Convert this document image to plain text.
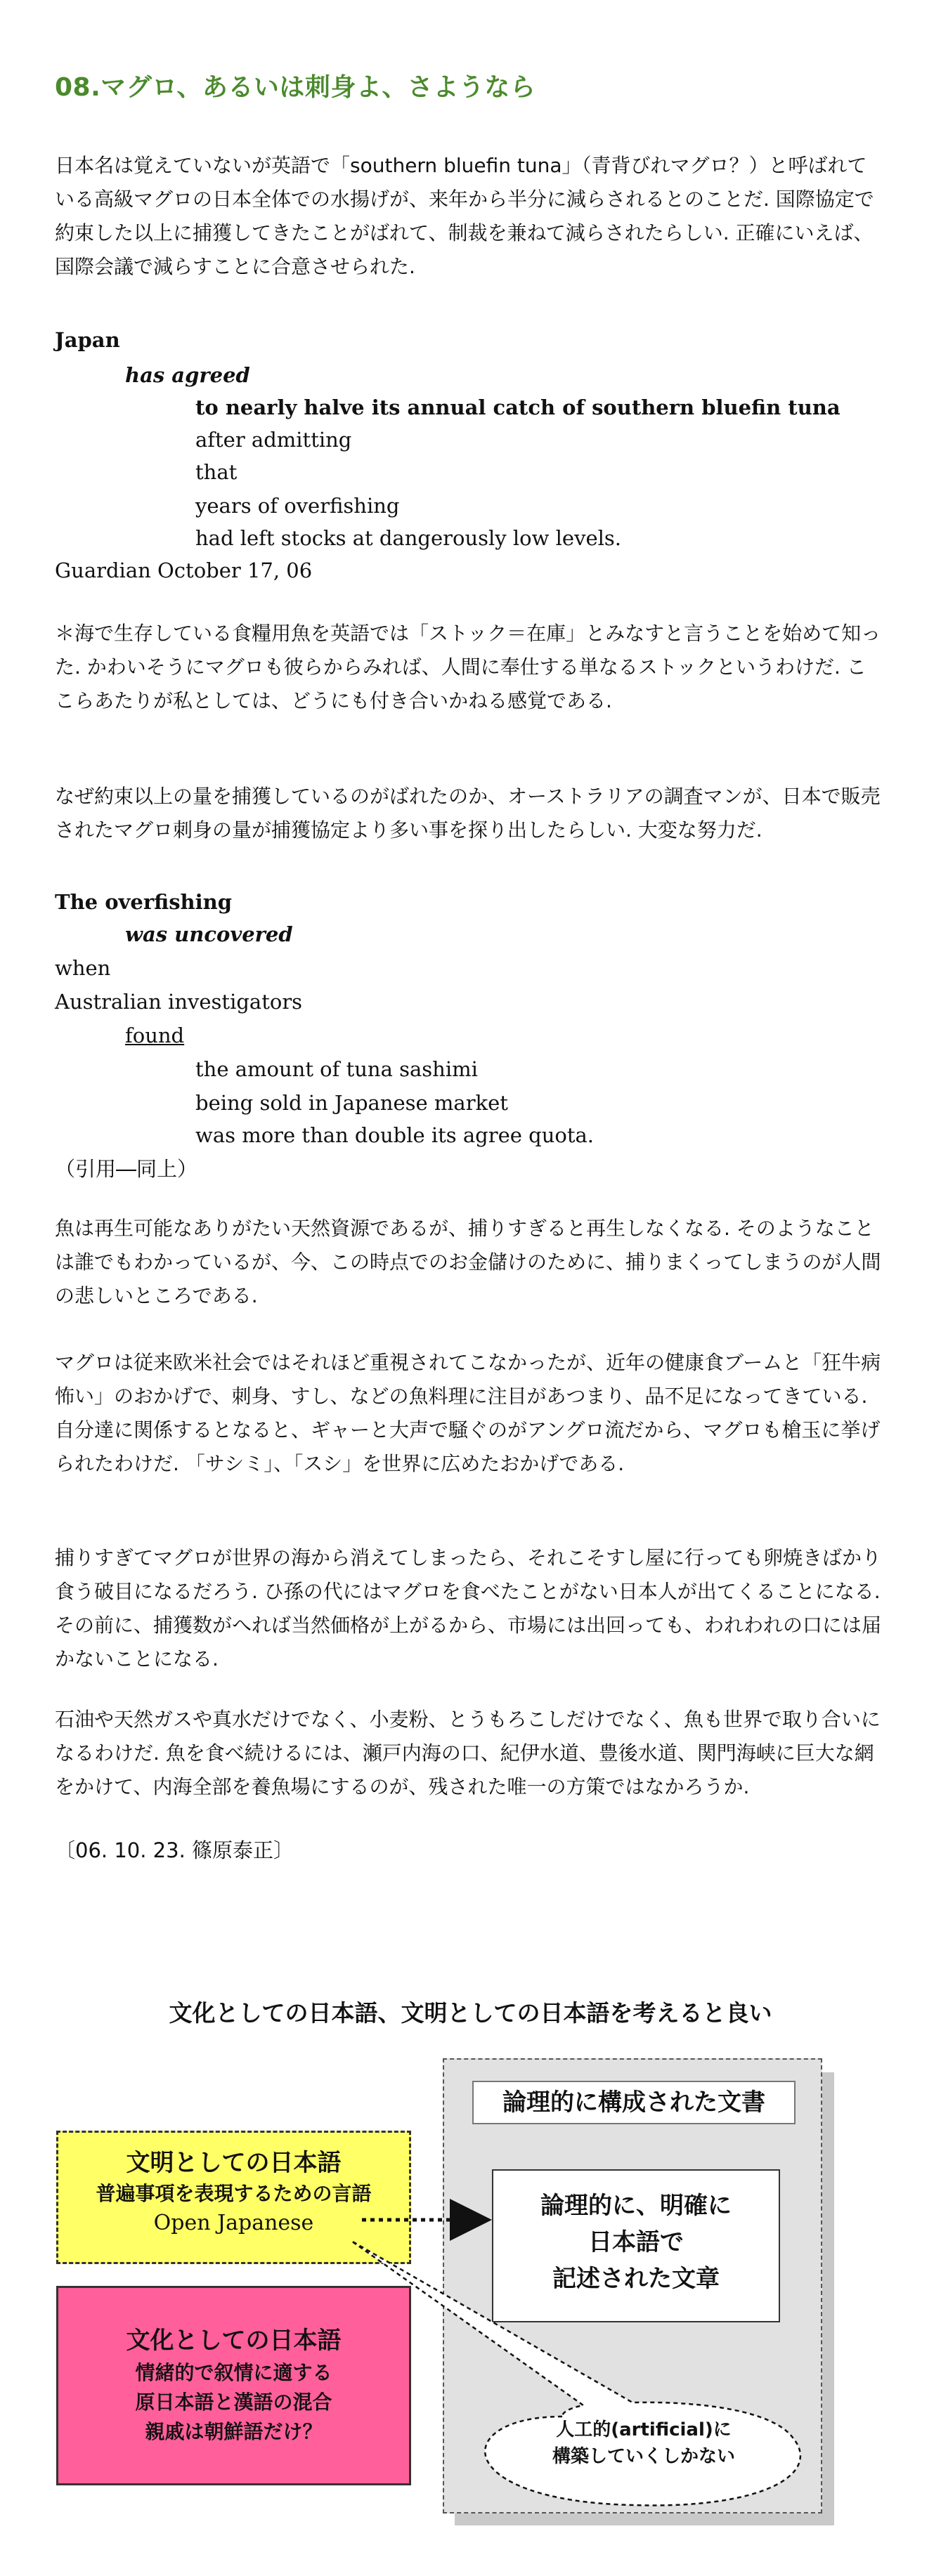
08.マグロ、あるいは刺身よ、さようなら

日本名は覚えていないが英語で「southern bluefin tuna」（青背びれマグロ？）と呼ばれている高級マグロの日本全体での水揚げが、来年から半分に減らされるとのことだ. 国際協定で約束した以上に捕獲してきたことがばれて、制裁を兼ねて減らされたらしい. 正確にいえば、国際会議で減らすことに合意させられた.

Japan
has agreed
to nearly halve its annual catch of southern bluefin tuna
after admitting
that
years of overfishing
had left stocks at dangerously low levels.
Guardian October 17, 06

＊海で生存している食糧用魚を英語では「ストック＝在庫」とみなすと言うことを始めて知った. かわいそうにマグロも彼らからみれば、人間に奉仕する単なるストックというわけだ. ここらあたりが私としては、どうにも付き合いかねる感覚である.

なぜ約束以上の量を捕獲しているのがばれたのか、オーストラリアの調査マンが、日本で販売されたマグロ刺身の量が捕獲協定より多い事を探り出したらしい. 大変な努力だ.

The overfishing
was uncovered
when
Australian investigators
found
the amount of tuna sashimi
being sold in Japanese market
was more than double its agree quota.
（引用―同上）

魚は再生可能なありがたい天然資源であるが、捕りすぎると再生しなくなる. そのようなことは誰でもわかっているが、今、この時点でのお金儲けのために、捕りまくってしまうのが人間の悲しいところである.

マグロは従来欧米社会ではそれほど重視されてこなかったが、近年の健康食ブームと「狂牛病怖い」のおかげで、刺身、すし、などの魚料理に注目があつまり、品不足になってきている. 自分達に関係するとなると、ギャーと大声で騒ぐのがアングロ流だから、マグロも槍玉に挙げられたわけだ. 「サシミ」、「スシ」を世界に広めたおかげである.

捕りすぎてマグロが世界の海から消えてしまったら、それこそすし屋に行っても卵焼きばかり食う破目になるだろう. ひ孫の代にはマグロを食べたことがない日本人が出てくることになる. その前に、捕獲数がへれば当然価格が上がるから、市場には出回っても、われわれの口には届かないことになる.

石油や天然ガスや真水だけでなく、小麦粉、とうもろこしだけでなく、魚も世界で取り合いになるわけだ. 魚を食べ続けるには、瀬戸内海の口、紀伊水道、豊後水道、関門海峡に巨大な網をかけて、内海全部を養魚場にするのが、残された唯一の方策ではなかろうか.

〔06. 10. 23. 篠原泰正〕
文化としての日本語、文明としての日本語を考えると良い
論理的に構成された文書
論理的に、明確に
日本語で
記述された文章
文明としての日本語
普遍事項を表現するための言語
Open Japanese
文化としての日本語
情緒的で叙情に適する
原日本語と漢語の混合
親戚は朝鮮語だけ？	人工的(artificial)に
構築していくしかない
